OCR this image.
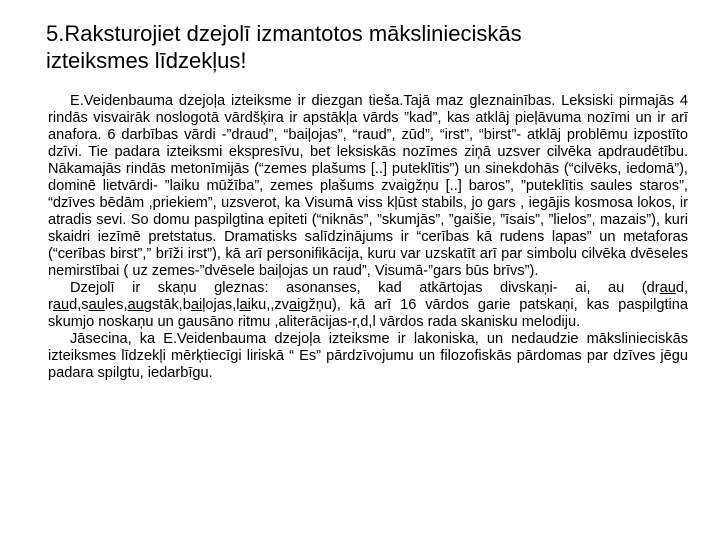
5.Raksturojiet dzejolī izmantotos mākslinieciskās
izteiksmes līdzekļus!

E.Veidenbauma dzejoļa izteiksme ir diezgan tieša.Tajā maz gleznainības. Leksiski pirmajās 4 rindās visvairāk noslogotā vārdšķira ir apstākļa vārds ”kad”, kas atklāj pieļāvuma nozīmi un ir arī anafora. 6 darbības vārdi -”draud”, “baiļojas”, “raud”, zūd”, “irst”, “birst”- atklāj problēmu izpostīto dzīvi. Tie padara izteiksmi ekspresīvu, bet leksiskās nozīmes ziņā uzsver cilvēka apdraudētību. Nākamajās rindās metonīmijās (“zemes plašums [..] puteklītis”) un sinekdohās (“cilvēks, iedomā”), dominē lietvārdi- ”laiku mūžība”, zemes plašums zvaigžņu [..] baros”, ”puteklītis saules staros”, “dzīves bēdām ,priekiem”, uzsverot, ka Visumā viss kļūst stabils, jo gars , iegājis kosmosa lokos, ir atradis sevi. So domu paspilgtina epiteti (“niknās”, ”skumjās”, ”gaišie, ”īsais”, ”lielos”, mazais”), kuri skaidri iezīmē pretstatus. Dramatisks salīdzinājums ir “cerības kā rudens lapas” un metaforas (“cerības birst”,” brīži irst”), kā arī personifikācija, kuru var uzskatīt arī par simbolu cilvēka dvēseles nemirstībai ( uz zemes-”dvēsele baiļojas un raud”, Visumā-”gars būs brīvs”).

Dzejolī ir skaņu gleznas: asonanses, kad atkārtojas divskaņi- ai, au (draud, raud,saules,augstāk,baiļojas,laiku,,zvaigžņu), kā arī 16 vārdos garie patskaņi, kas paspilgtina skumjo noskaņu un gausāno ritmu ,aliterācijas-r,d,l vārdos rada skanisku melodiju.

Jāsecina, ka E.Veidenbauma dzejoļa izteiksme ir lakoniska, un nedaudzie mākslinieciskās izteiksmes līdzekļi mērķtiecīgi liriskā “ Es” pārdzīvojumu un filozofiskās pārdomas par dzīves jēgu padara spilgtu, iedarbīgu.
